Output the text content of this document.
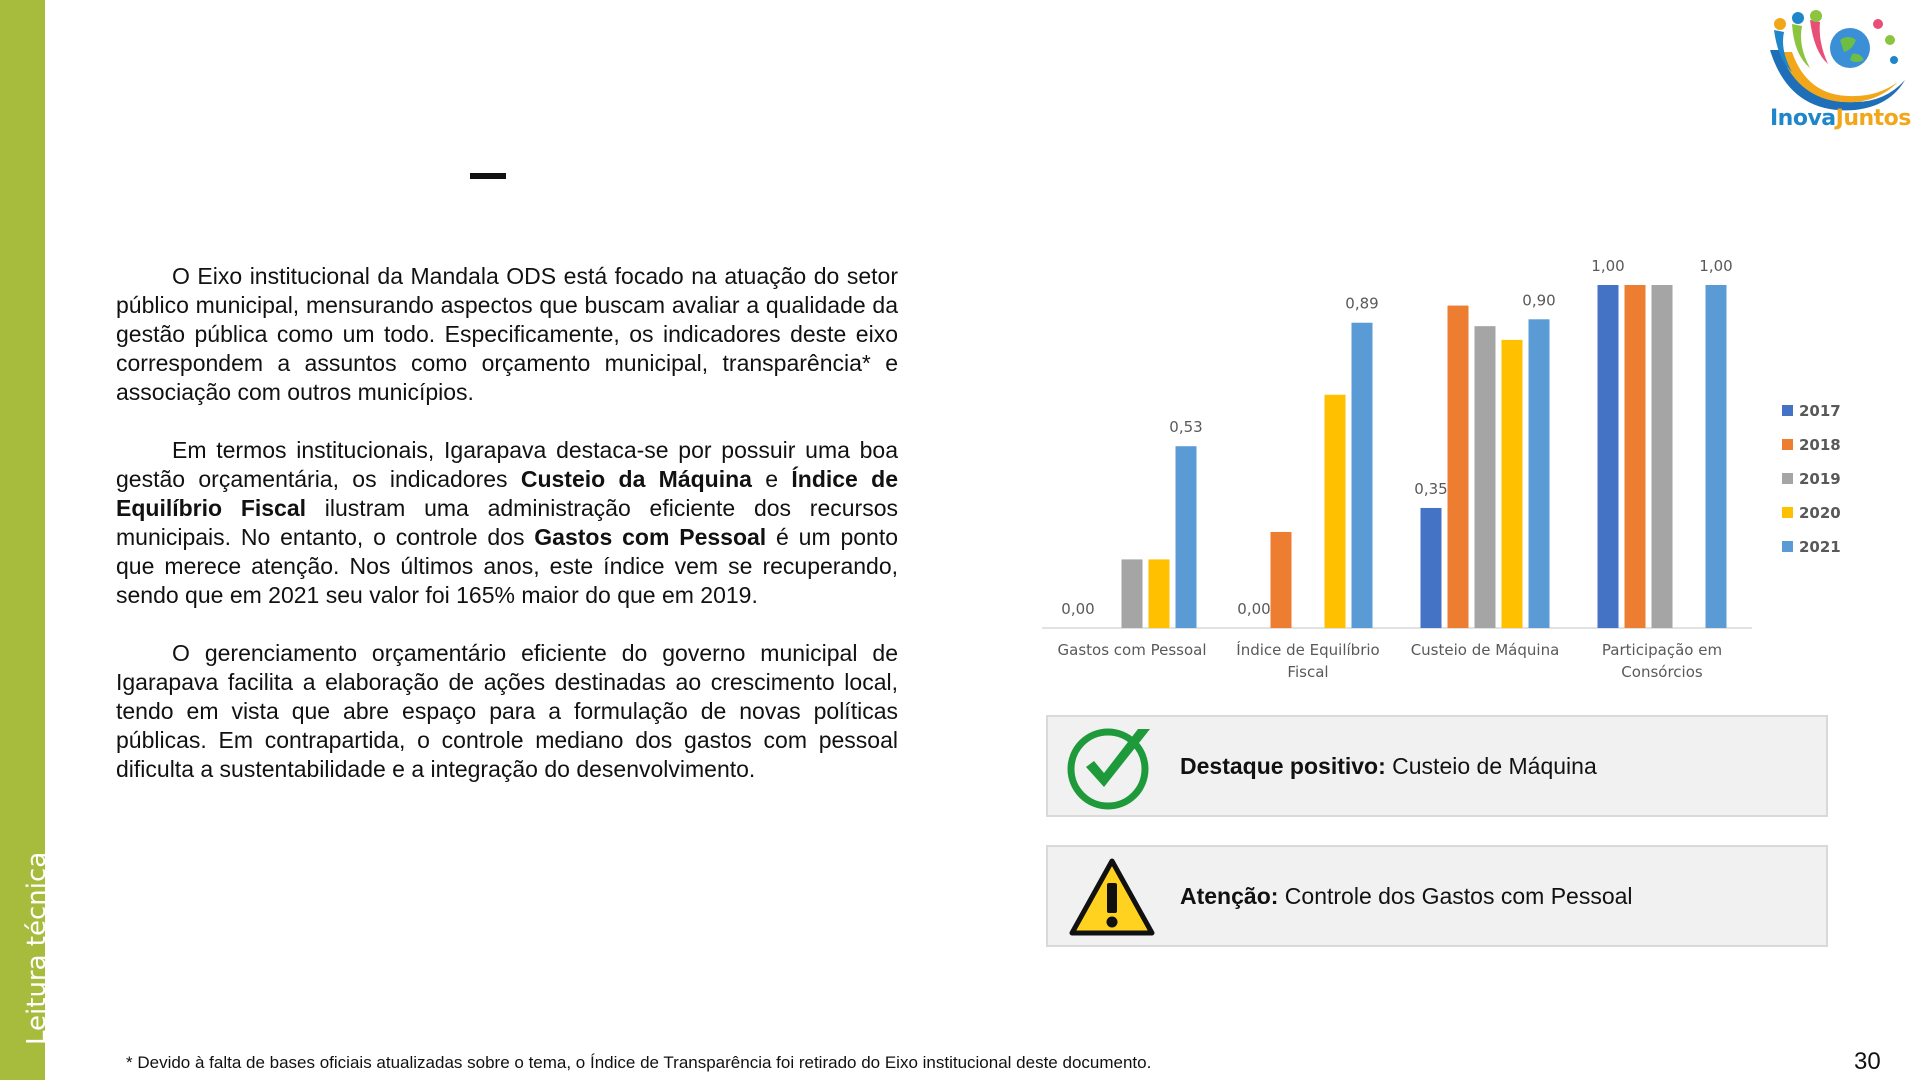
Leitura técnica
InovaJuntos

O Eixo institucional da Mandala ODS está focado na atuação do setor público municipal, mensurando aspectos que buscam avaliar a qualidade da gestão pública como um todo. Especificamente, os indicadores deste eixo correspondem a assuntos como orçamento municipal, transparência* e associação com outros municípios.

Em termos institucionais, Igarapava destaca-se por possuir uma boa gestão orçamentária, os indicadores Custeio da Máquina e Índice de Equilíbrio Fiscal ilustram uma administração eficiente dos recursos municipais. No entanto, o controle dos Gastos com Pessoal é um ponto que merece atenção. Nos últimos anos, este índice vem se recuperando, sendo que em 2021 seu valor foi 165% maior do que em 2019.

O gerenciamento orçamentário eficiente do governo municipal de Igarapava facilita a elaboração de ações destinadas ao crescimento local, tendo em vista que abre espaço para a formulação de novas políticas públicas. Em contrapartida, o controle mediano dos gastos com pessoal dificulta a sustentabilidade e a integração do desenvolvimento.

Gastos com Pessoal Índice de Equilíbrio
Fiscal
Custeio de Máquina	Participação em
Consórcios
0,00
0,53
0,00
0,89
0,35
0,90
1,00	1,00
2017
2018
2019
2020
2021
Destaque positivo: Custeio de Máquina
Atenção: Controle dos Gastos com Pessoal
* Devido à falta de bases oficiais atualizadas sobre o tema, o Índice de Transparência foi retirado do Eixo institucional deste documento.	30
